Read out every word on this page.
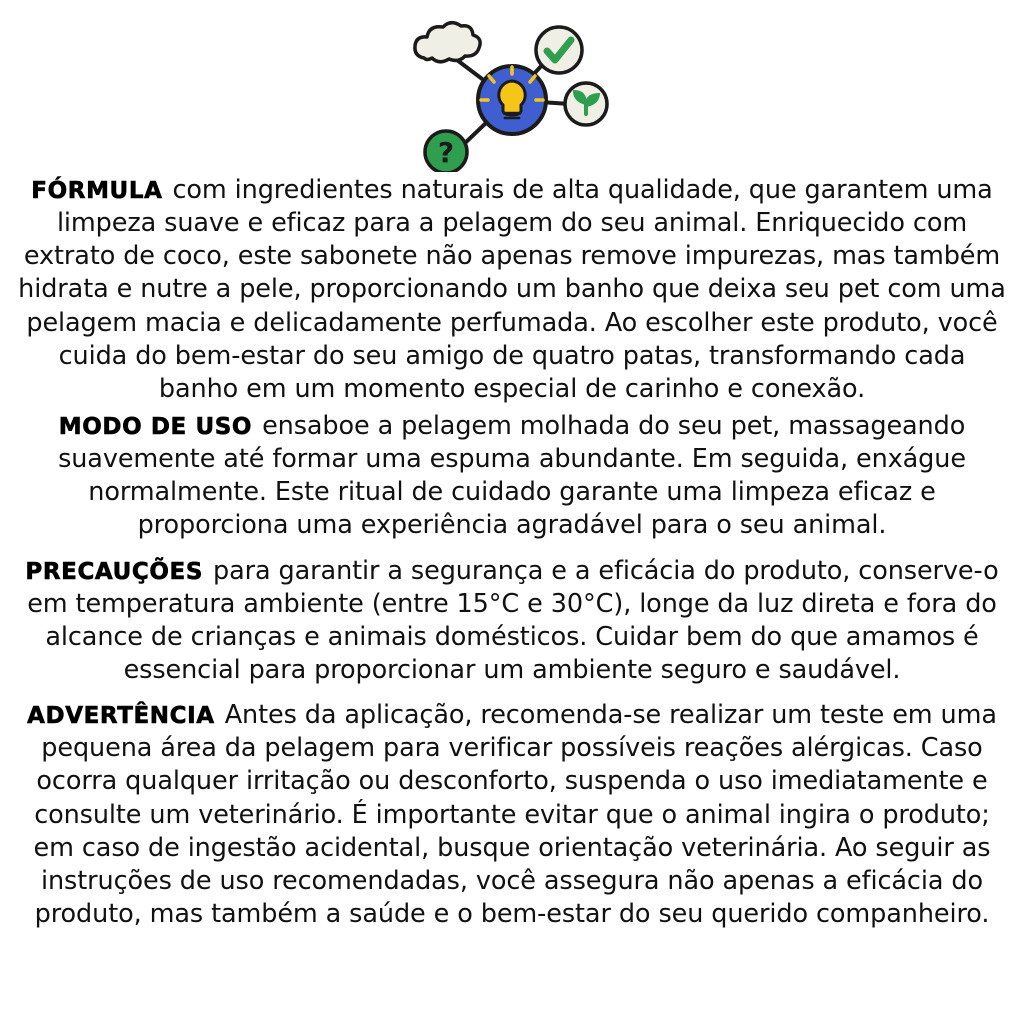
?

FÓRMULA com ingredientes naturais de alta qualidade, que garantem uma limpeza suave e eficaz para a pelagem do seu animal. Enriquecido com extrato de coco, este sabonete não apenas remove impurezas, mas também hidrata e nutre a pele, proporcionando um banho que deixa seu pet com uma pelagem macia e delicadamente perfumada. Ao escolher este produto, você cuida do bem-estar do seu amigo de quatro patas, transformando cada banho em um momento especial de carinho e conexão.

MODO DE USO ensaboe a pelagem molhada do seu pet, massageando suavemente até formar uma espuma abundante. Em seguida, enxágue normalmente. Este ritual de cuidado garante uma limpeza eficaz e proporciona uma experiência agradável para o seu animal.

PRECAUÇÕES para garantir a segurança e a eficácia do produto, conserve-o em temperatura ambiente (entre 15°C e 30°C), longe da luz direta e fora do alcance de crianças e animais domésticos. Cuidar bem do que amamos é essencial para proporcionar um ambiente seguro e saudável.

ADVERTÊNCIA Antes da aplicação, recomenda-se realizar um teste em uma pequena área da pelagem para verificar possíveis reações alérgicas. Caso ocorra qualquer irritação ou desconforto, suspenda o uso imediatamente e consulte um veterinário. É importante evitar que o animal ingira o produto; em caso de ingestão acidental, busque orientação veterinária. Ao seguir as instruções de uso recomendadas, você assegura não apenas a eficácia do produto, mas também a saúde e o bem-estar do seu querido companheiro.
